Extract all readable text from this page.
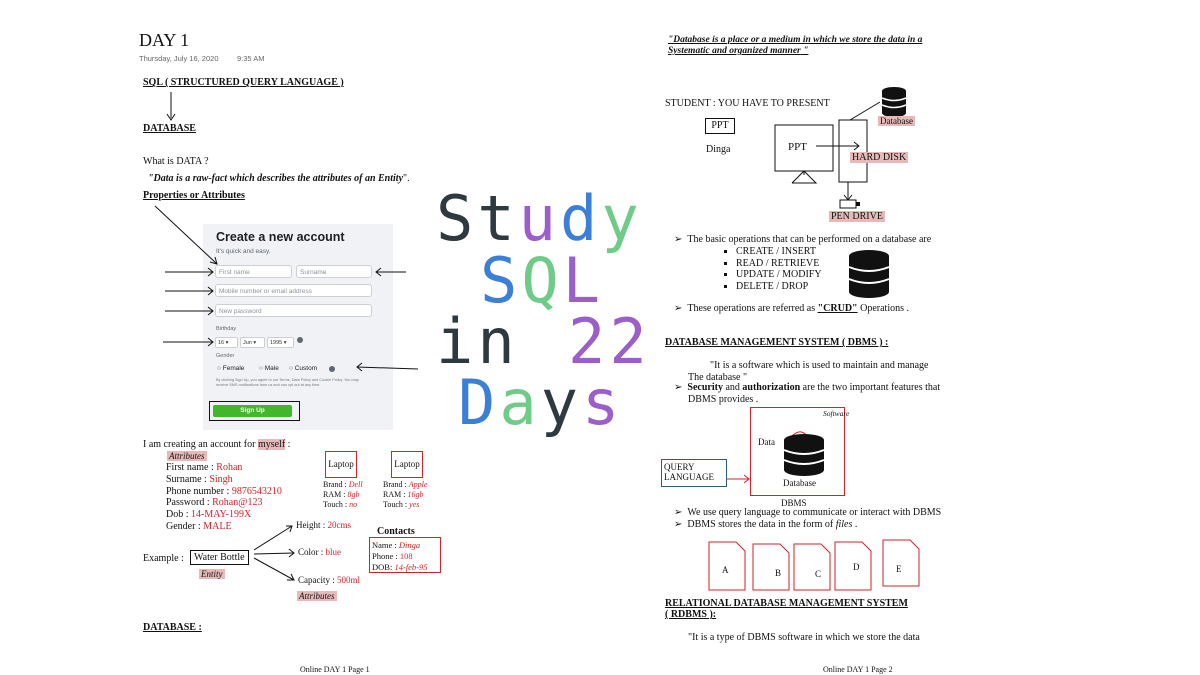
DAY 1
Thursday, July 16, 2020 9:35 AM
SQL ( STRUCTURED QUERY LANGUAGE )
DATABASE
What is DATA ?
"Data is a raw-fact which describes the attributes of an Entity".
Properties or Attributes
Create a new account
It's quick and easy.
First name	Surname
Mobile number or email address
New password
Birthday
16 ▾	Jun ▾	1995 ▾
Gender
○ Female ○ Male ○ Custom
By clicking Sign Up, you agree to our Terms, Data Policy and Cookie Policy. You may receive SMS notifications from us and can opt out at any time.
Sign Up
I am creating an account for myself :
Attributes
First name : Rohan
Surname : Singh
Phone number : 9876543210
Password : Rohan@123
Dob : 14-MAY-199X
Gender : MALE
Laptop
Brand : Dell
RAM : 8gb
Touch : no
Laptop
Brand : Apple
RAM : 16gb
Touch : yes
Example :	Water Bottle
Entity
Height : 20cms
Color : blue
Capacity : 500ml
Attributes
Contacts
Name : Dinga
Phone : 108
DOB: 14-feb-95
DATABASE :
Online DAY 1 Page 1
Study
SQL
in 22
Days
"Database is a place or a medium in which we store the data in a
Systematic and organized manner "
STUDENT : YOU HAVE TO PRESENT
PPT
Dinga	PPT
Database
HARD DISK
PEN DRIVE
➢  The basic operations that can be performed on a database are
▪ CREATE / INSERT
▪ READ / RETRIEVE
▪ UPDATE / MODIFY
▪ DELETE / DROP
➢  These operations are referred as "CRUD" Operations .
DATABASE MANAGEMENT SYSTEM ( DBMS ) :
"It is a software which is used to maintain and manage
The database "
➢  Security and authorization are the two important features that
DBMS provides .
Software
Data
Database
QUERY LANGUAGE
DBMS
➢  We use query language to communicate or interact with DBMS
➢  DBMS stores the data in the form of files .
A	B	C
D	E
RELATIONAL DATABASE MANAGEMENT SYSTEM
( RDBMS ):
"It is a type of DBMS software in which we store the data
Online DAY 1 Page 2
